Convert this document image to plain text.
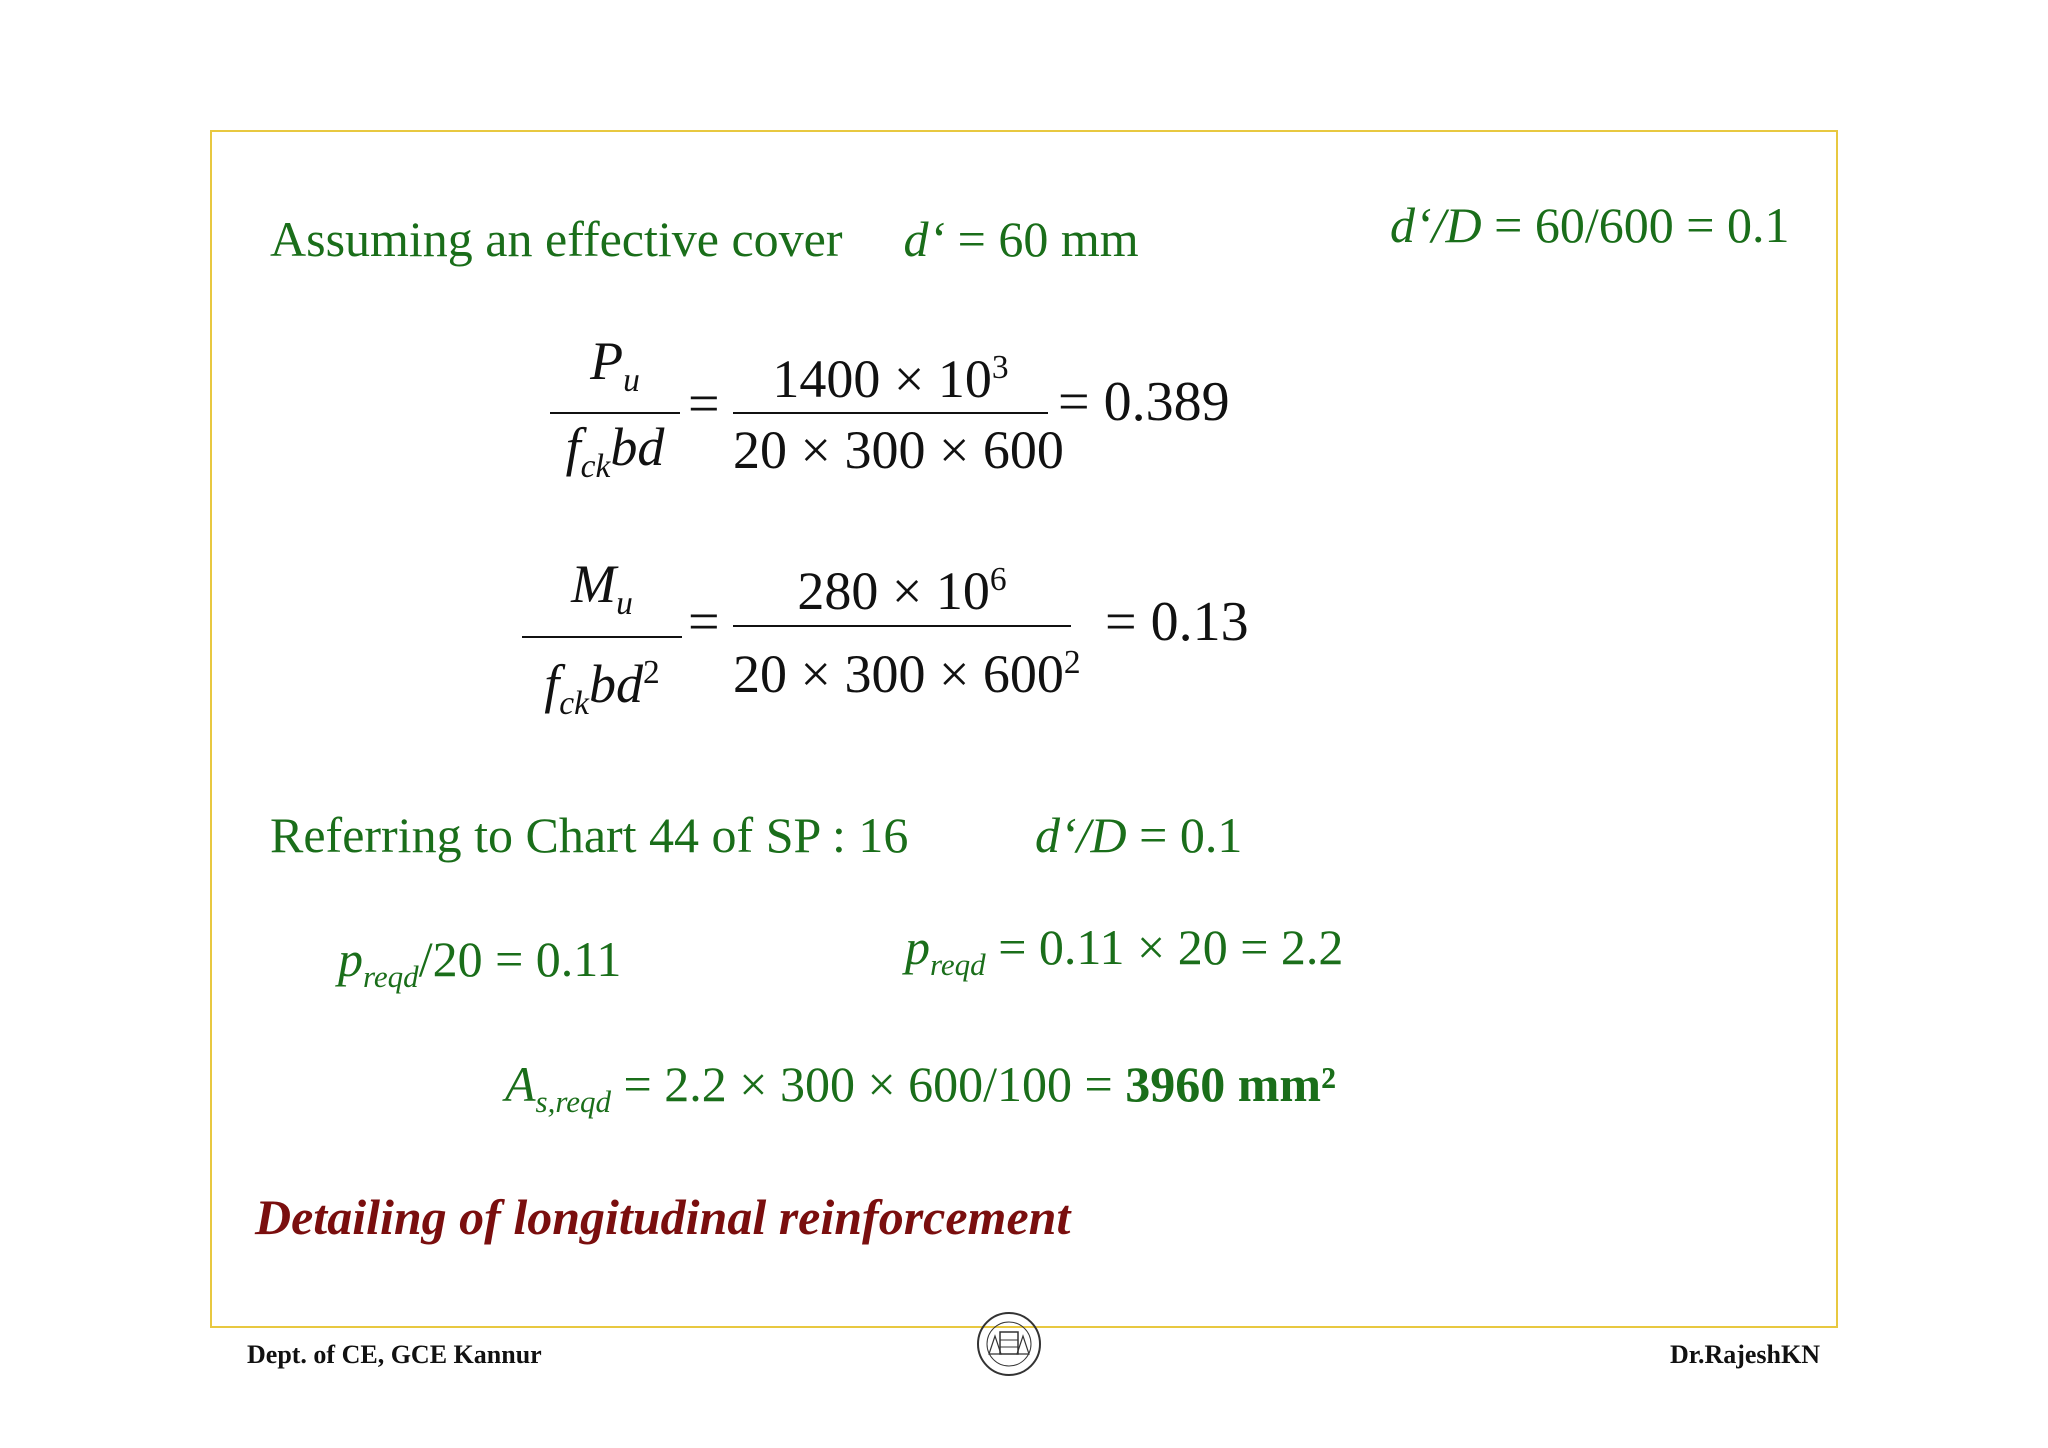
Assuming an effective cover d‘ = 60 mm	d‘/D = 60/600 = 0.1
$P_u$
$f_{ck}bd$
= $1400 \times 10^3$
20 × 300 × 600
= 0.389
$M_u$
$f_{ck}bd^2$
=	$280 \times 10^6$
$20 \times 300 \times 600^2$
= 0.13
Referring to Chart 44 of SP : 16	d‘/D = 0.1
$p_{reqd}/20 = 0.11$	$p_{reqd} = 0.11 \times 20 = 2.2$
$A_{s,reqd} = 2.2 \times 300 \times 600/100 = 3960$ mm²
Detailing of longitudinal reinforcement
Dept. of CE, GCE Kannur	Dr.RajeshKN
